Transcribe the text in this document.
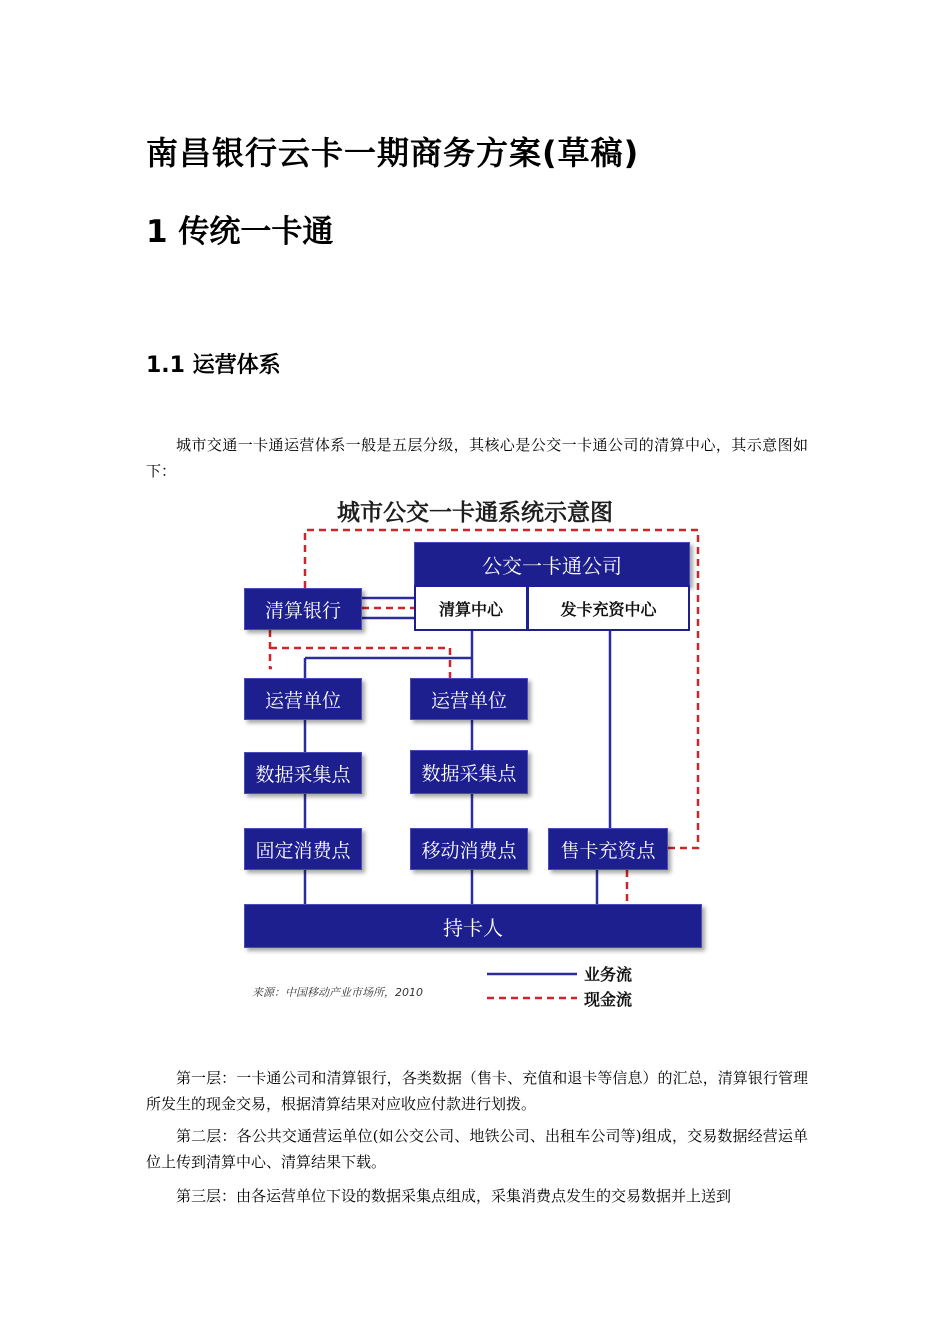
南昌银行云卡一期商务方案(草稿)
1 传统一卡通
1.1 运营体系

城市交通一卡通运营体系一般是五层分级，其核心是公交一卡通公司的清算中心，其示意图如下：

城市公交一卡通系统示意图
公交一卡通公司
清算中心	发卡充资中心
清算银行
运营单位	运营单位
数据采集点	数据采集点
固定消费点	移动消费点	售卡充资点
持卡人
来源：中国移动产业市场所，2010
业务流
现金流

第一层：一卡通公司和清算银行，各类数据（售卡、充值和退卡等信息）的汇总，清算银行管理所发生的现金交易，根据清算结果对应收应付款进行划拨。

第二层：各公共交通营运单位(如公交公司、地铁公司、出租车公司等)组成，交易数据经营运单位上传到清算中心、清算结果下载。

第三层：由各运营单位下设的数据采集点组成，采集消费点发生的交易数据并上送到
